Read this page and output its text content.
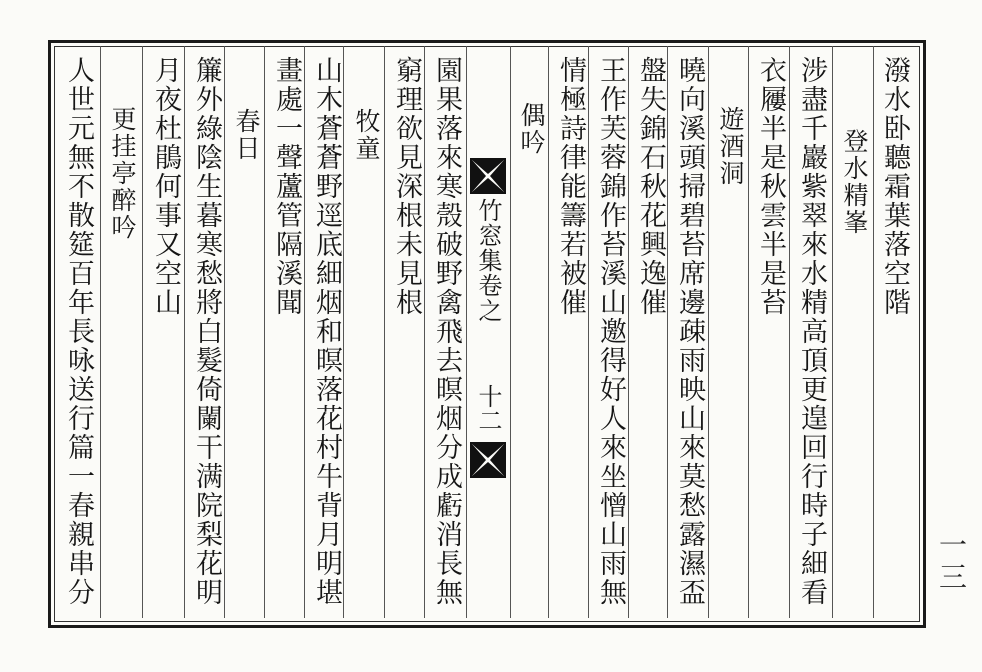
潑水卧聽霜葉落空階
登水精峯
涉盡千巖紫翠來水精高頂更遑回行時子細看
衣屨半是秋雲半是苔
遊酒洞
曉向溪頭掃碧苔席邊疎雨映山來莫愁露濕盃
盤失錦石秋花興逸催
王作芙蓉錦作苔溪山邀得好人來坐憎山雨無
情極詩律能籌若被催
偶吟
竹窓集卷之
十二
園果落來寒殼破野禽飛去暝烟分成虧消長無
窮理欲見深根未見根
牧童
山木蒼蒼野逕底細烟和暝落花村牛背月明堪
畫處一聲蘆管隔溪聞
春日
簾外綠陰生暮寒愁將白髮倚闌干满院梨花明
月夜杜鵑何事又空山
更挂亭醉吟
人世元無不散筵百年長咏送行篇一春親串分	一三
